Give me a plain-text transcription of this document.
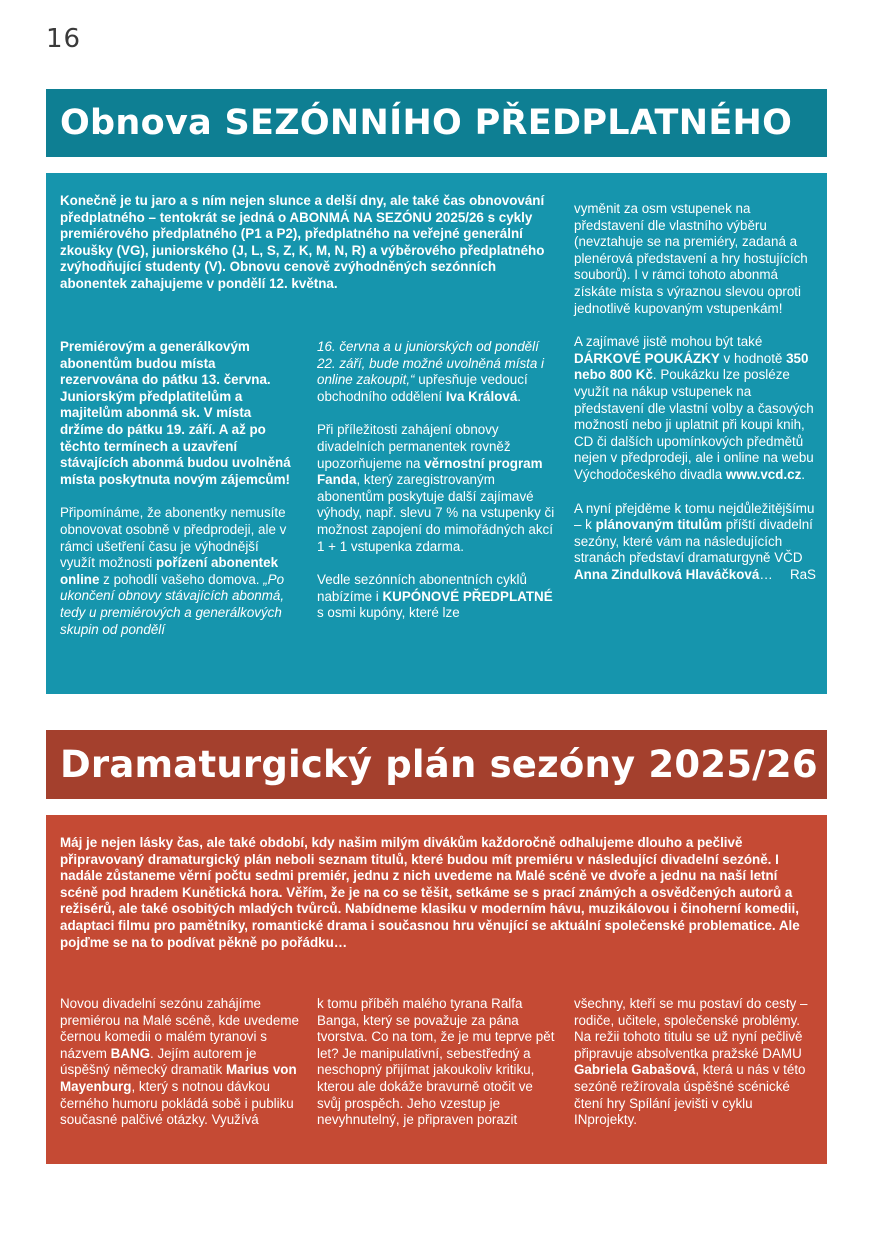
16
Obnova SEZÓNNÍHO PŘEDPLATNÉHO

Konečně je tu jaro a s ním nejen slunce a delší dny, ale také čas obnovování předplatného – tentokrát se jedná o ABONMÁ NA SEZÓNU 2025/26 s cykly premiérového předplatného (P1 a P2), předplatného na veřejné generální zkoušky (VG), juniorského (J, L, S, Z, K, M, N, R) a výběrového předplatného zvýhodňující studenty (V). Obnovu cenově zvýhodněných sezónních abonentek zahajujeme v pondělí 12. května.

Premiérovým a generálkovým abonentům budou místa rezervována do pátku 13. června. Juniorským předplatitelům a majitelům abonmá sk. V místa držíme do pátku 19. září. A až po těchto termínech a uzavření stávajících abonmá budou uvolněná místa poskytnuta novým zájemcům!

Připomínáme, že abonentky nemusíte obnovovat osobně v předprodeji, ale v rámci ušetření času je výhodnější využít možnosti pořízení abonentek online z pohodlí vašeho domova. „Po ukončení obnovy stávajících abonmá, tedy u premiérových a generálkových skupin od pondělí

16. června a u juniorských od pondělí 22. září, bude možné uvolněná místa i online zakoupit,“ upřesňuje vedoucí obchodního oddělení Iva Králová.

Při příležitosti zahájení obnovy divadelních permanentek rovněž upozorňujeme na věrnostní program Fanda, který zaregistrovaným abonentům poskytuje další zajímavé výhody, např. slevu 7 % na vstupenky či možnost zapojení do mimořádných akcí 1 + 1 vstupenka zdarma.

Vedle sezónních abonentních cyklů nabízíme i KUPÓNOVÉ PŘEDPLATNÉ s osmi kupóny, které lze

vyměnit za osm vstupenek na představení dle vlastního výběru (nevztahuje se na premiéry, zadaná a plenérová představení a hry hostujících souborů). I v rámci tohoto abonmá získáte místa s výraznou slevou oproti jednotlivě kupovaným vstupenkám!

A zajímavé jistě mohou být také DÁRKOVÉ POUKÁZKY v hodnotě 350 nebo 800 Kč. Poukázku lze posléze využít na nákup vstupenek na představení dle vlastní volby a časových možností nebo ji uplatnit při koupi knih, CD či dalších upomínkových předmětů nejen v předprodeji, ale i online na webu Východočeského divadla www.vcd.cz.

A nyní přejděme k tomu nejdůležitějšímu – k plánovaným titulům příští divadelní sezóny, které vám na následujících stranách představí dramaturgyně VČD Anna Zindulková Hlaváčková… RaS

Dramaturgický plán sezóny 2025/26

Máj je nejen lásky čas, ale také období, kdy našim milým divákům každoročně odhalujeme dlouho a pečlivě připravovaný dramaturgický plán neboli seznam titulů, které budou mít premiéru v následující divadelní sezóně. I nadále zůstaneme věrní počtu sedmi premiér, jednu z nich uvedeme na Malé scéně ve dvoře a jednu na naší letní scéně pod hradem Kunětická hora. Věřím, že je na co se těšit, setkáme se s prací známých a osvědčených autorů a režisérů, ale také osobitých mladých tvůrců. Nabídneme klasiku v moderním hávu, muzikálovou i činoherní komedii, adaptaci filmu pro pamětníky, romantické drama i současnou hru věnující se aktuální společenské problematice. Ale pojďme se na to podívat pěkně po pořádku…

Novou divadelní sezónu zahájíme premiérou na Malé scéně, kde uvedeme černou komedii o malém tyranovi s názvem BANG. Jejím autorem je úspěšný německý dramatik Marius von Mayenburg, který s notnou dávkou černého humoru pokládá sobě i publiku současné palčivé otázky. Využívá

k tomu příběh malého tyrana Ralfa Banga, který se považuje za pána tvorstva. Co na tom, že je mu teprve pět let? Je manipulativní, sebestředný a neschopný přijímat jakoukoliv kritiku, kterou ale dokáže bravurně otočit ve svůj prospěch. Jeho vzestup je nevyhnutelný, je připraven porazit

všechny, kteří se mu postaví do cesty – rodiče, učitele, společenské problémy. Na režii tohoto titulu se už nyní pečlivě připravuje absolventka pražské DAMU Gabriela Gabašová, která u nás v této sezóně režírovala úspěšné scénické čtení hry Spílání jevišti v cyklu INprojekty.
